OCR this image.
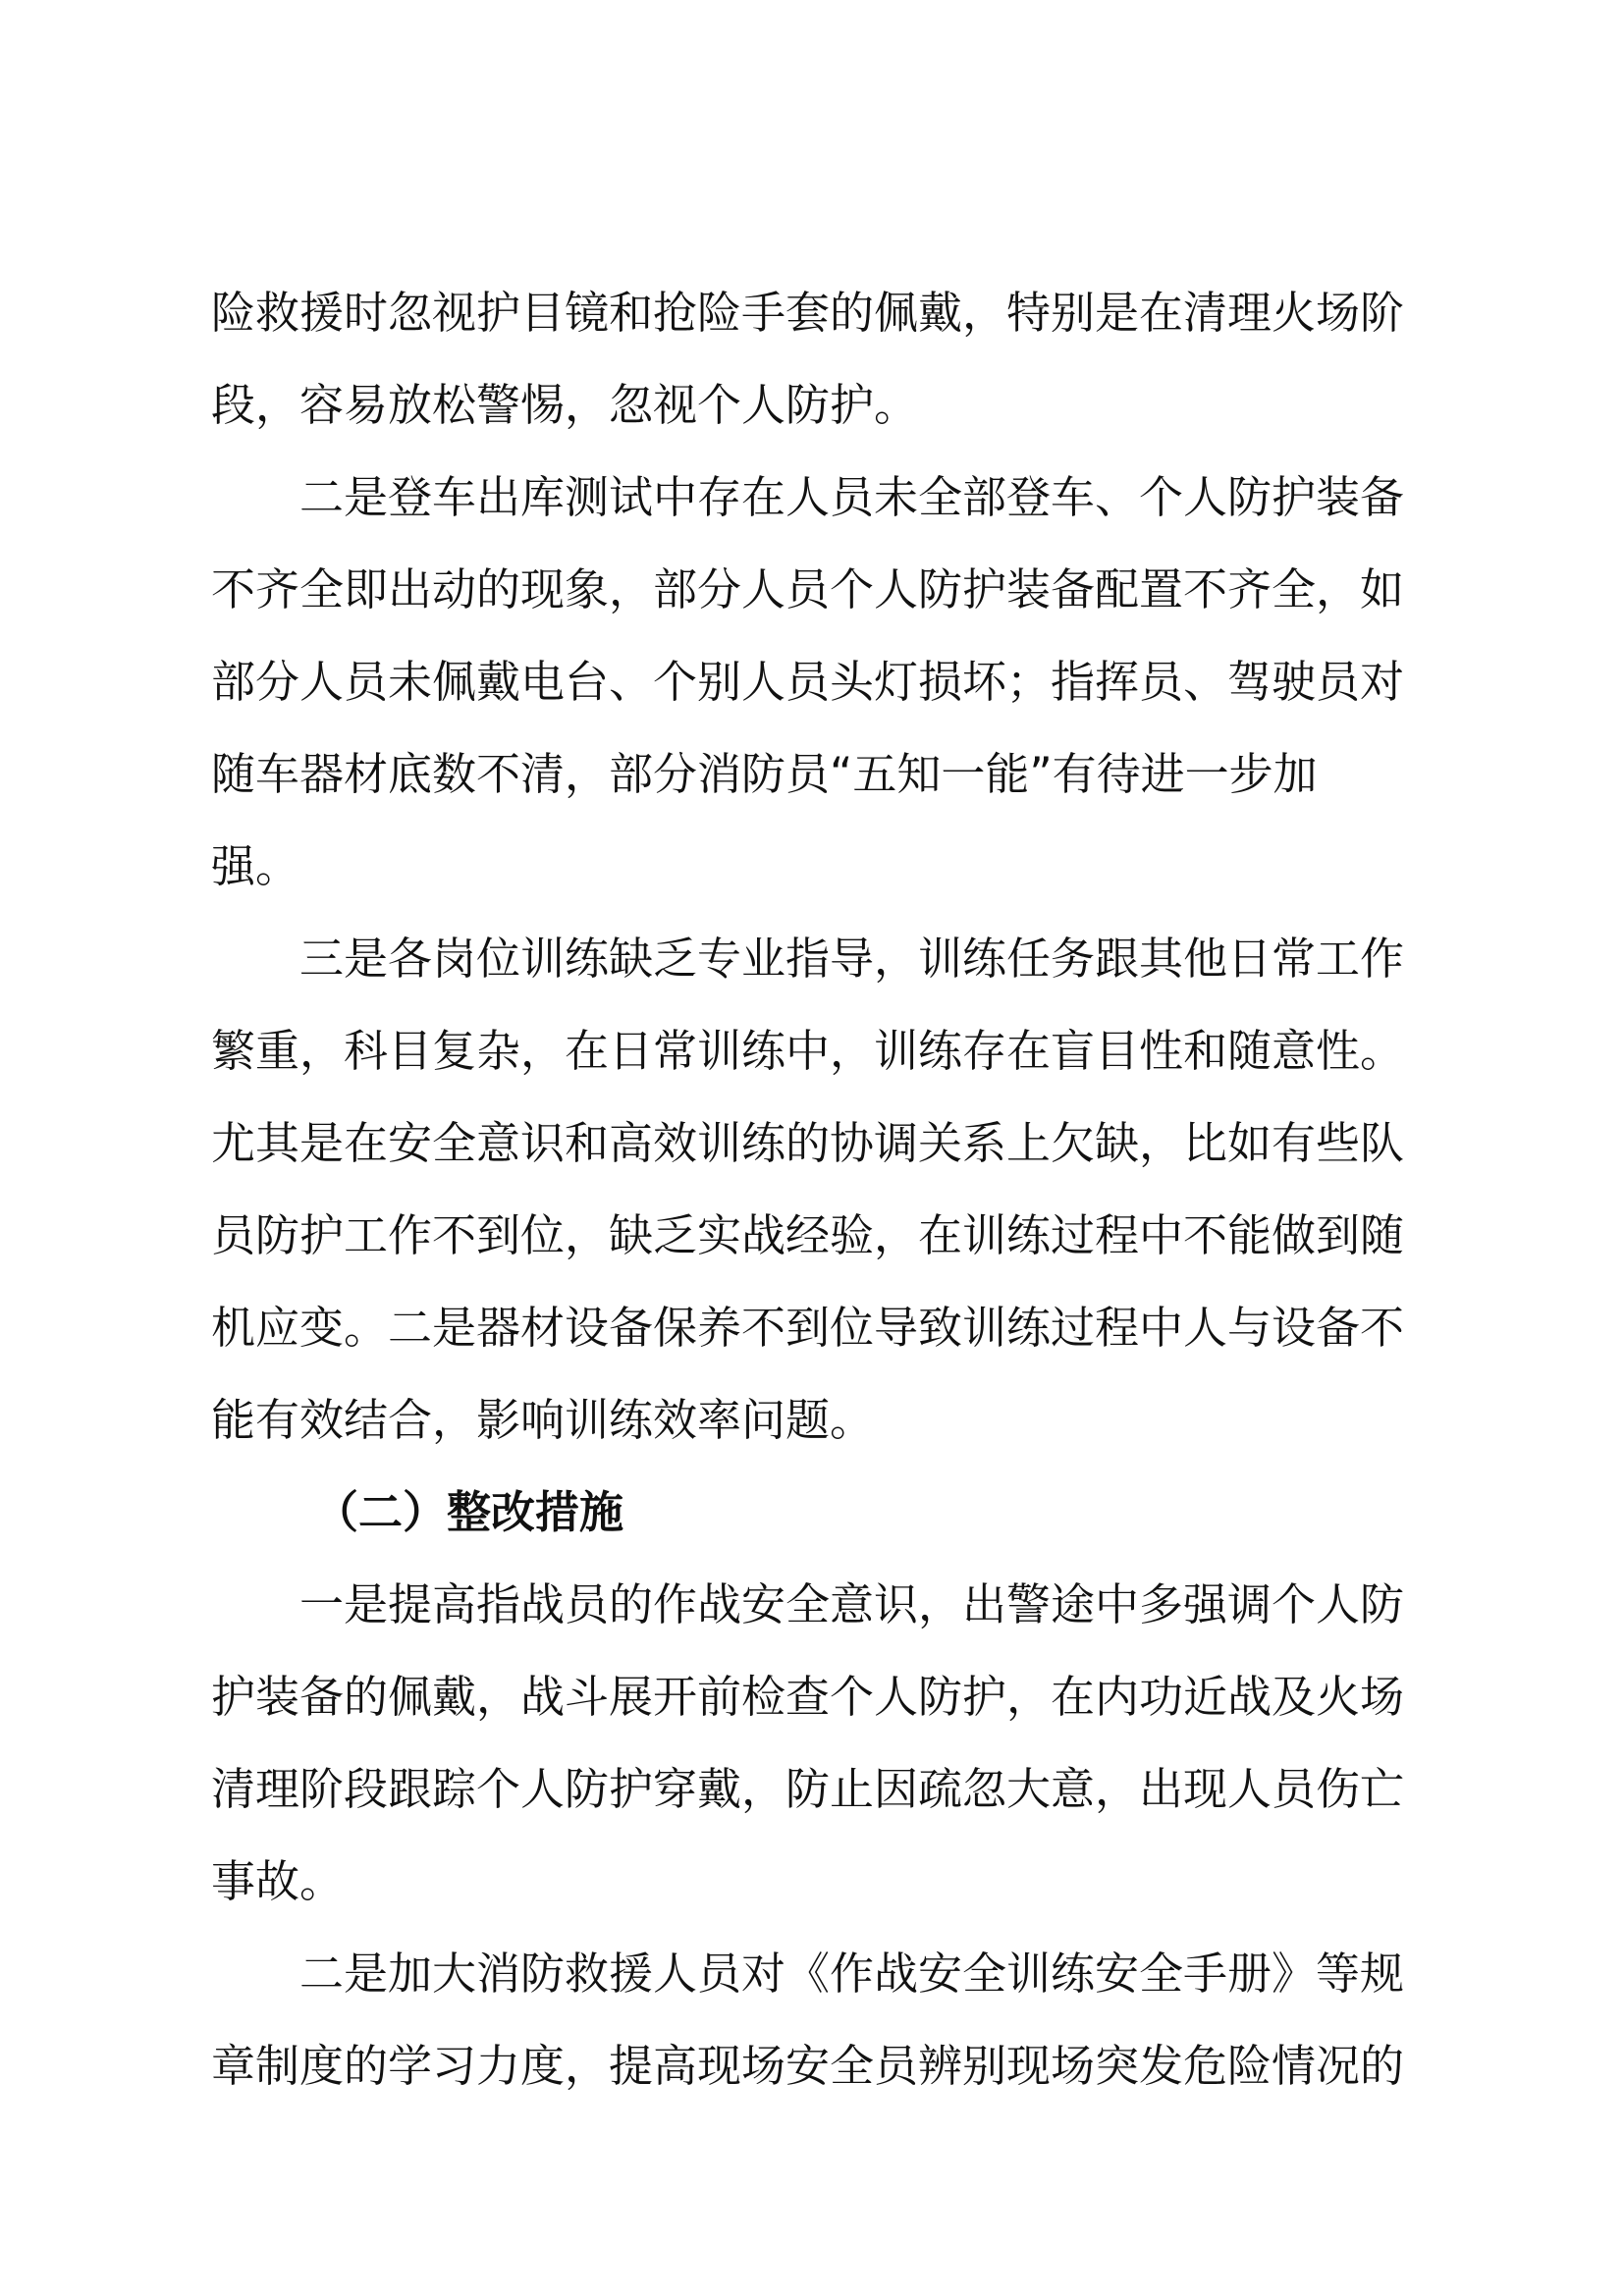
险救援时忽视护目镜和抢险手套的佩戴，特别是在清理火场阶
段，容易放松警惕，忽视个人防护。
二是登车出库测试中存在人员未全部登车、个人防护装备
不齐全即出动的现象，部分人员个人防护装备配置不齐全，如
部分人员未佩戴电台、个别人员头灯损坏；指挥员、驾驶员对
随车器材底数不清，部分消防员“五知一能”有待进一步加
强。
三是各岗位训练缺乏专业指导，训练任务跟其他日常工作
繁重，科目复杂，在日常训练中，训练存在盲目性和随意性。
尤其是在安全意识和高效训练的协调关系上欠缺，比如有些队
员防护工作不到位，缺乏实战经验，在训练过程中不能做到随
机应变。二是器材设备保养不到位导致训练过程中人与设备不
能有效结合，影响训练效率问题。
（二）整改措施
一是提高指战员的作战安全意识，出警途中多强调个人防
护装备的佩戴，战斗展开前检查个人防护，在内功近战及火场
清理阶段跟踪个人防护穿戴，防止因疏忽大意，出现人员伤亡
事故。
二是加大消防救援人员对《作战安全训练安全手册》等规
章制度的学习力度，提高现场安全员辨别现场突发危险情况的
